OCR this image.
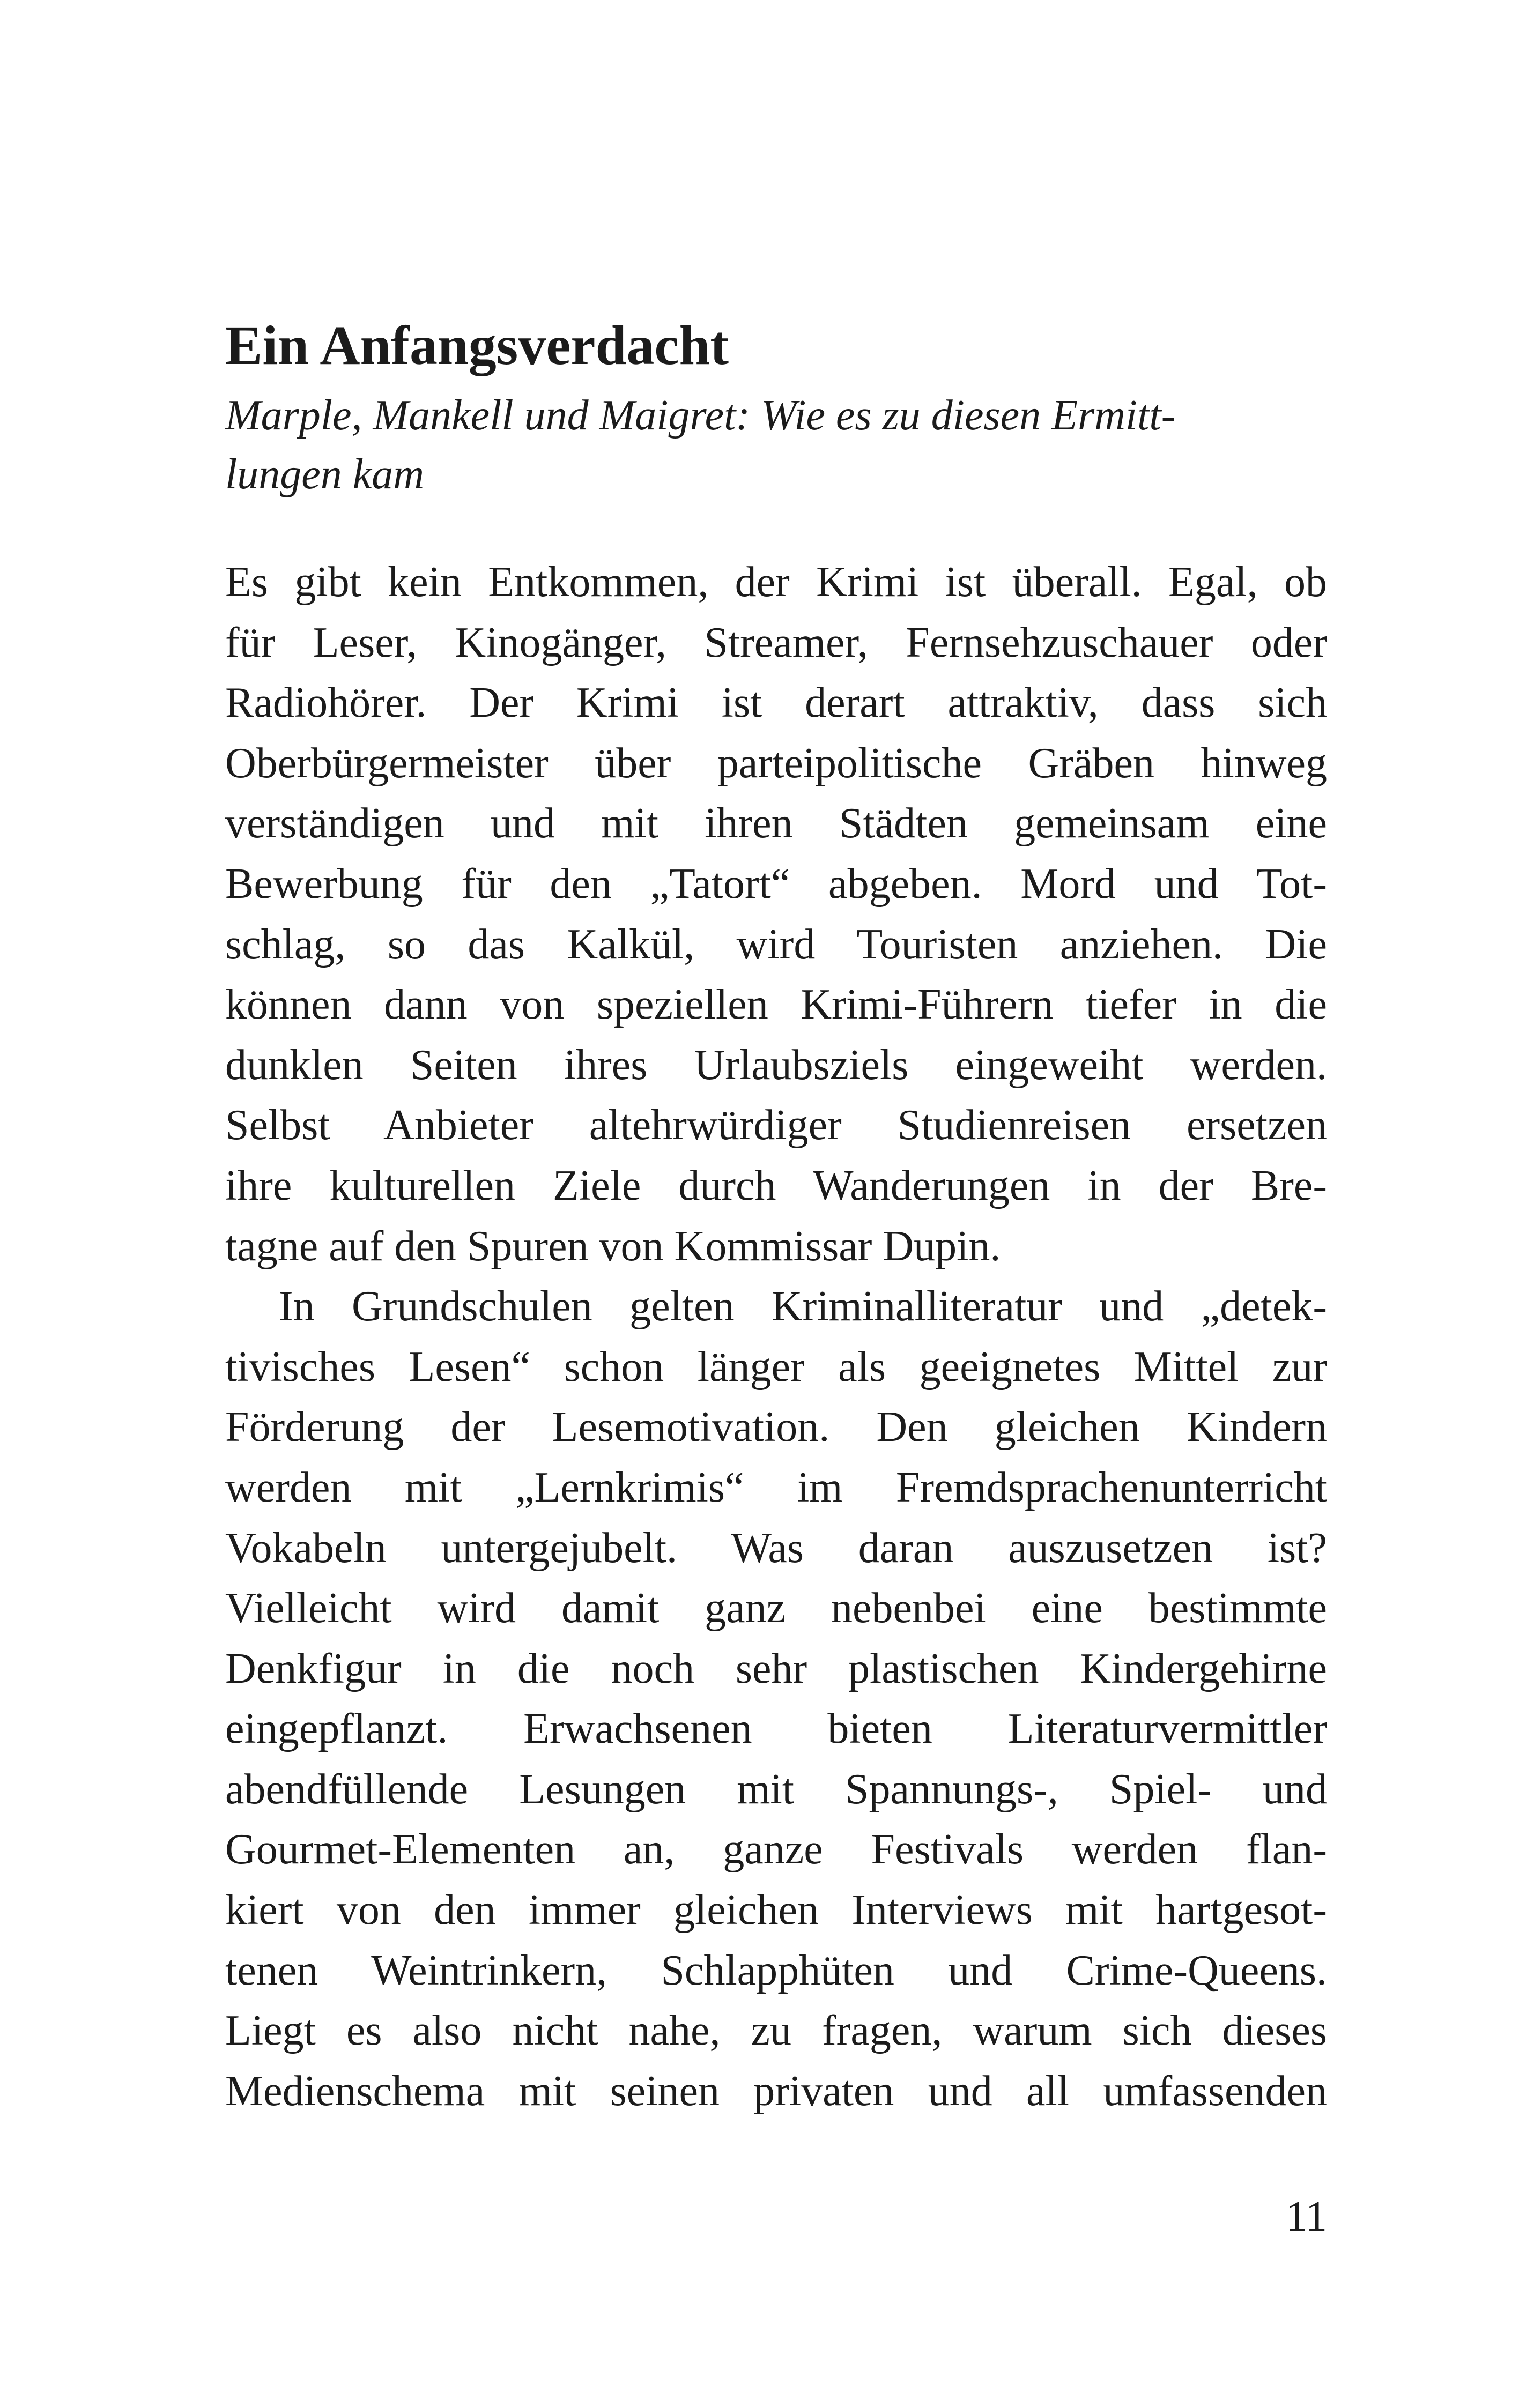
Ein Anfangsverdacht
Marple, Mankell und Maigret: Wie es zu diesen Ermitt-
lungen kam
Es gibt kein Entkommen, der Krimi ist überall. Egal, ob
für Leser, Kinogänger, Streamer, Fernsehzuschauer oder
Radiohörer. Der Krimi ist derart attraktiv, dass sich
Oberbürgermeister über parteipolitische Gräben hinweg
verständigen und mit ihren Städten gemeinsam eine
Bewerbung für den „Tatort“ abgeben. Mord und Tot-
schlag, so das Kalkül, wird Touristen anziehen. Die
können dann von speziellen Krimi-Führern tiefer in die
dunklen Seiten ihres Urlaubsziels eingeweiht werden.
Selbst Anbieter altehrwürdiger Studienreisen ersetzen
ihre kulturellen Ziele durch Wanderungen in der Bre-
tagne auf den Spuren von Kommissar Dupin.
In Grundschulen gelten Kriminalliteratur und „detek-
tivisches Lesen“ schon länger als geeignetes Mittel zur
Förderung der Lesemotivation. Den gleichen Kindern
werden mit „Lernkrimis“ im Fremdsprachenunterricht
Vokabeln untergejubelt. Was daran auszusetzen ist?
Vielleicht wird damit ganz nebenbei eine bestimmte
Denkfigur in die noch sehr plastischen Kindergehirne
eingepflanzt. Erwachsenen bieten Literaturvermittler
abendfüllende Lesungen mit Spannungs-, Spiel- und
Gourmet-Elementen an, ganze Festivals werden flan-
kiert von den immer gleichen Interviews mit hartgesot-
tenen Weintrinkern, Schlapphüten und Crime-Queens.
Liegt es also nicht nahe, zu fragen, warum sich dieses
Medienschema mit seinen privaten und all umfassenden

11
